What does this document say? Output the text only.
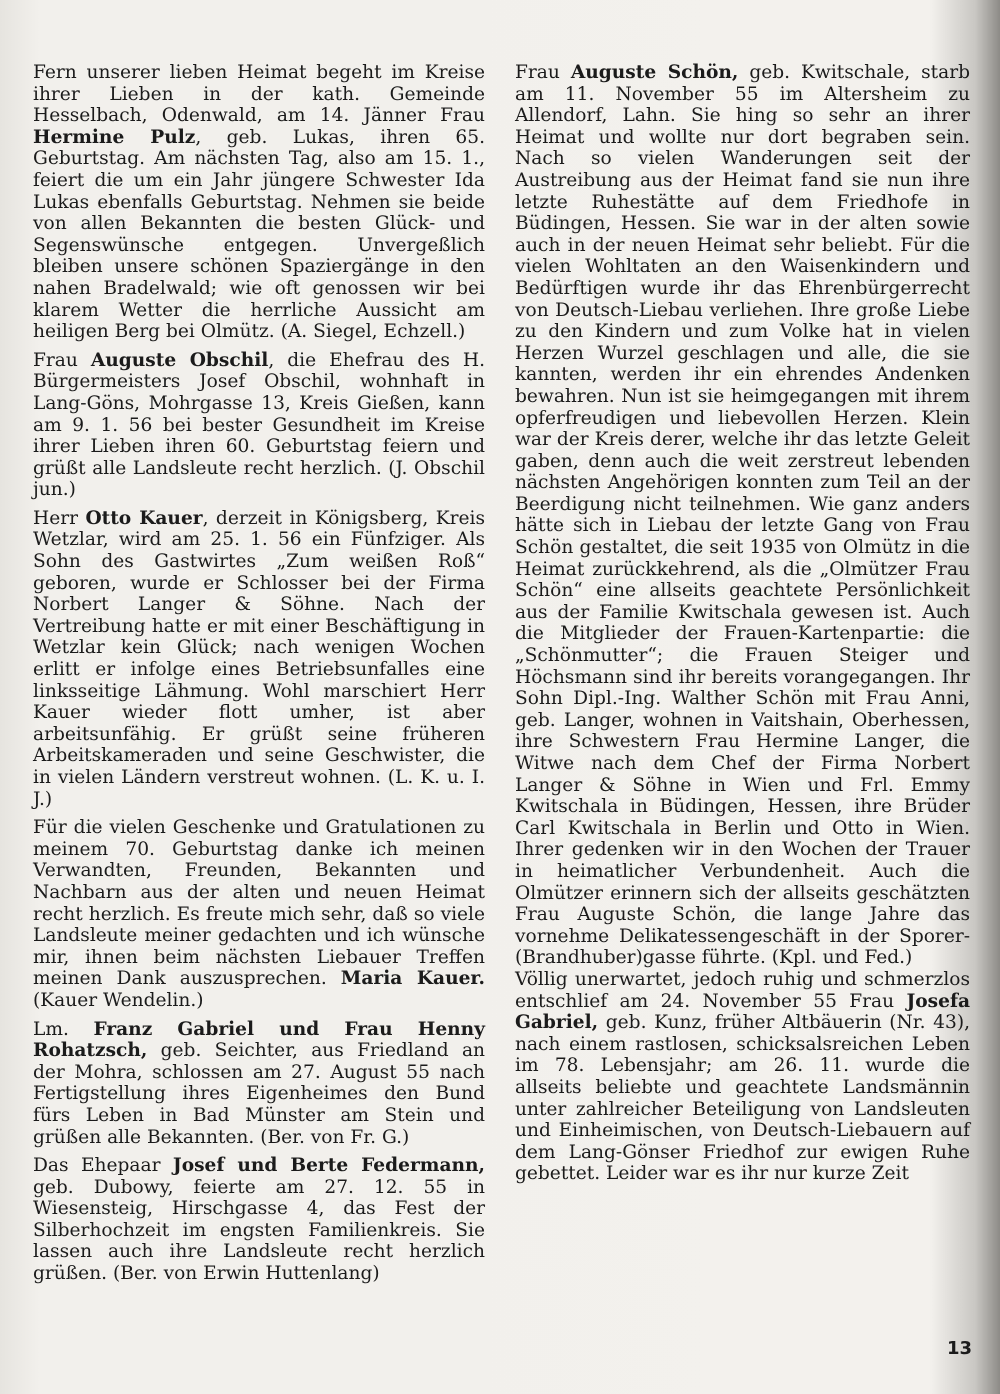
Fern unserer lieben Heimat begeht im Kreise ihrer Lieben in der kath. Gemeinde Hesselbach, Odenwald, am 14. Jänner Frau Hermine Pulz, geb. Lukas, ihren 65. Geburtstag. Am nächsten Tag, also am 15. 1., feiert die um ein Jahr jüngere Schwester Ida Lukas ebenfalls Geburtstag. Nehmen sie beide von allen Bekannten die besten Glück- und Segenswünsche entgegen. Unvergeßlich bleiben unsere schönen Spaziergänge in den nahen Bradelwald; wie oft genossen wir bei klarem Wetter die herrliche Aussicht am heiligen Berg bei Olmütz. (A. Siegel, Echzell.)

Frau Auguste Obschil, die Ehefrau des H. Bürgermeisters Josef Obschil, wohnhaft in Lang-Göns, Mohrgasse 13, Kreis Gießen, kann am 9. 1. 56 bei bester Gesundheit im Kreise ihrer Lieben ihren 60. Geburtstag feiern und grüßt alle Landsleute recht herzlich. (J. Obschil jun.)

Herr Otto Kauer, derzeit in Königsberg, Kreis Wetzlar, wird am 25. 1. 56 ein Fünfziger. Als Sohn des Gastwirtes „Zum weißen Roß“ geboren, wurde er Schlosser bei der Firma Norbert Langer & Söhne. Nach der Vertreibung hatte er mit einer Beschäftigung in Wetzlar kein Glück; nach wenigen Wochen erlitt er infolge eines Betriebsunfalles eine linksseitige Lähmung. Wohl marschiert Herr Kauer wieder flott umher, ist aber arbeitsunfähig. Er grüßt seine früheren Arbeitskameraden und seine Geschwister, die in vielen Ländern verstreut wohnen. (L. K. u. I. J.)

Für die vielen Geschenke und Gratulationen zu meinem 70. Geburtstag danke ich meinen Verwandten, Freunden, Bekannten und Nachbarn aus der alten und neuen Heimat recht herzlich. Es freute mich sehr, daß so viele Landsleute meiner gedachten und ich wünsche mir, ihnen beim nächsten Liebauer Treffen meinen Dank auszusprechen. Maria Kauer. (Kauer Wendelin.)

Lm. Franz Gabriel und Frau Henny Rohatzsch, geb. Seichter, aus Friedland an der Mohra, schlossen am 27. August 55 nach Fertigstellung ihres Eigenheimes den Bund fürs Leben in Bad Münster am Stein und grüßen alle Bekannten. (Ber. von Fr. G.)

Das Ehepaar Josef und Berte Federmann, geb. Dubowy, feierte am 27. 12. 55 in Wiesensteig, Hirschgasse 4, das Fest der Silberhochzeit im engsten Familienkreis. Sie lassen auch ihre Landsleute recht herzlich grüßen. (Ber. von Erwin Huttenlang)

Frau Auguste Schön, geb. Kwitschale, starb am 11. November 55 im Altersheim zu Allendorf, Lahn. Sie hing so sehr an ihrer Heimat und wollte nur dort begraben sein. Nach so vielen Wanderungen seit der Austreibung aus der Heimat fand sie nun ihre letzte Ruhestätte auf dem Friedhofe in Büdingen, Hessen. Sie war in der alten sowie auch in der neuen Heimat sehr beliebt. Für die vielen Wohltaten an den Waisenkindern und Bedürftigen wurde ihr das Ehrenbürgerrecht von Deutsch-Liebau verliehen. Ihre große Liebe zu den Kindern und zum Volke hat in vielen Herzen Wurzel geschlagen und alle, die sie kannten, werden ihr ein ehrendes Andenken bewahren. Nun ist sie heimgegangen mit ihrem opferfreudigen und liebevollen Herzen. Klein war der Kreis derer, welche ihr das letzte Geleit gaben, denn auch die weit zerstreut lebenden nächsten Angehörigen konnten zum Teil an der Beerdigung nicht teilnehmen. Wie ganz anders hätte sich in Liebau der letzte Gang von Frau Schön gestaltet, die seit 1935 von Olmütz in die Heimat zurückkehrend, als die „Olmützer Frau Schön“ eine allseits geachtete Persönlichkeit aus der Familie Kwitschala gewesen ist. Auch die Mitglieder der Frauen-Kartenpartie: die „Schönmutter“; die Frauen Steiger und Höchsmann sind ihr bereits vorangegangen. Ihr Sohn Dipl.-Ing. Walther Schön mit Frau Anni, geb. Langer, wohnen in Vaitshain, Oberhessen, ihre Schwestern Frau Hermine Langer, die Witwe nach dem Chef der Firma Norbert Langer & Söhne in Wien und Frl. Emmy Kwitschala in Büdingen, Hessen, ihre Brüder Carl Kwitschala in Berlin und Otto in Wien. Ihrer gedenken wir in den Wochen der Trauer in heimatlicher Verbundenheit. Auch die Olmützer erinnern sich der allseits geschätzten Frau Auguste Schön, die lange Jahre das vornehme Delikatessengeschäft in der Sporer-(Brandhuber)gasse führte. (Kpl. und Fed.)

Völlig unerwartet, jedoch ruhig und schmerzlos entschlief am 24. November 55 Frau Josefa Gabriel, geb. Kunz, früher Altbäuerin (Nr. 43), nach einem rastlosen, schicksalsreichen Leben im 78. Lebensjahr; am 26. 11. wurde die allseits beliebte und geachtete Landsmännin unter zahlreicher Beteiligung von Landsleuten und Einheimischen, von Deutsch-Liebauern auf dem Lang-Gönser Friedhof zur ewigen Ruhe gebettet. Leider war es ihr nur kurze Zeit

13
